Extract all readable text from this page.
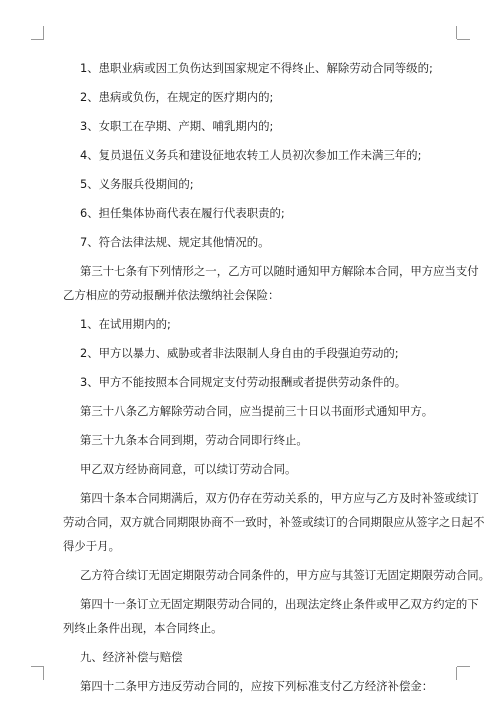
1、患职业病或因工负伤达到国家规定不得终止、解除劳动合同等级的;

2、患病或负伤，在规定的医疗期内的;

3、女职工在孕期、产期、哺乳期内的;

4、复员退伍义务兵和建设征地农转工人员初次参加工作未满三年的;

5、义务服兵役期间的;

6、担任集体协商代表在履行代表职责的;

7、符合法律法规、规定其他情况的。

第三十七条有下列情形之一，乙方可以随时通知甲方解除本合同，甲方应当支付

乙方相应的劳动报酬并依法缴纳社会保险：

1、在试用期内的;

2、甲方以暴力、威胁或者非法限制人身自由的手段强迫劳动的;

3、甲方不能按照本合同规定支付劳动报酬或者提供劳动条件的。

第三十八条乙方解除劳动合同，应当提前三十日以书面形式通知甲方。

第三十九条本合同到期，劳动合同即行终止。

甲乙双方经协商同意，可以续订劳动合同。

第四十条本合同期满后，双方仍存在劳动关系的，甲方应与乙方及时补签或续订

劳动合同，双方就合同期限协商不一致时，补签或续订的合同期限应从签字之日起不

得少于月。

乙方符合续订无固定期限劳动合同条件的，甲方应与其签订无固定期限劳动合同。

第四十一条订立无固定期限劳动合同的，出现法定终止条件或甲乙双方约定的下

列终止条件出现，本合同终止。

九、经济补偿与赔偿

第四十二条甲方违反劳动合同的，应按下列标准支付乙方经济补偿金：
